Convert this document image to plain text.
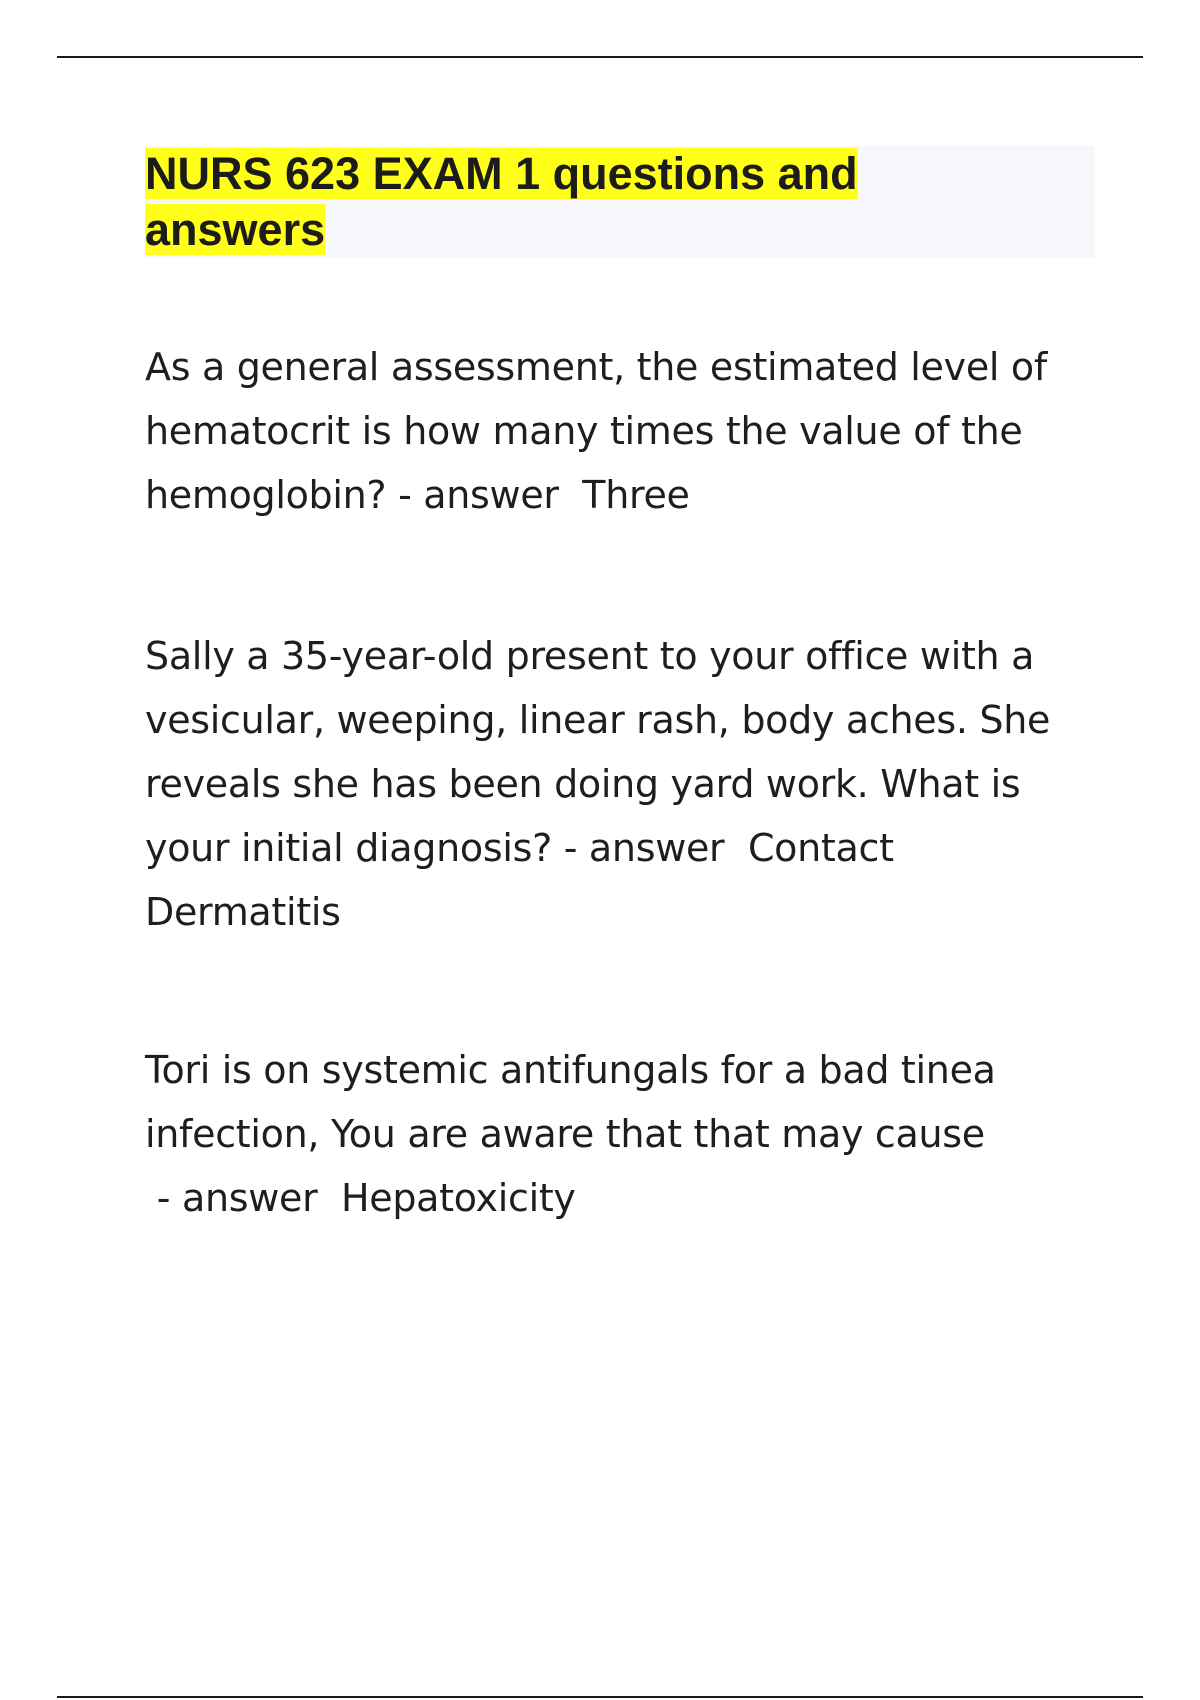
NURS 623 EXAM 1 questions and answers

As a general assessment, the estimated level of hematocrit is how many times the value of the hemoglobin? - answer  Three

Sally a 35-year-old present to your office with a vesicular, weeping, linear rash, body aches. She reveals she has been doing yard work. What is your initial diagnosis? - answer  Contact Dermatitis

Tori is on systemic antifungals for a bad tinea infection, You are aware that that may cause - answer  Hepatoxicity
